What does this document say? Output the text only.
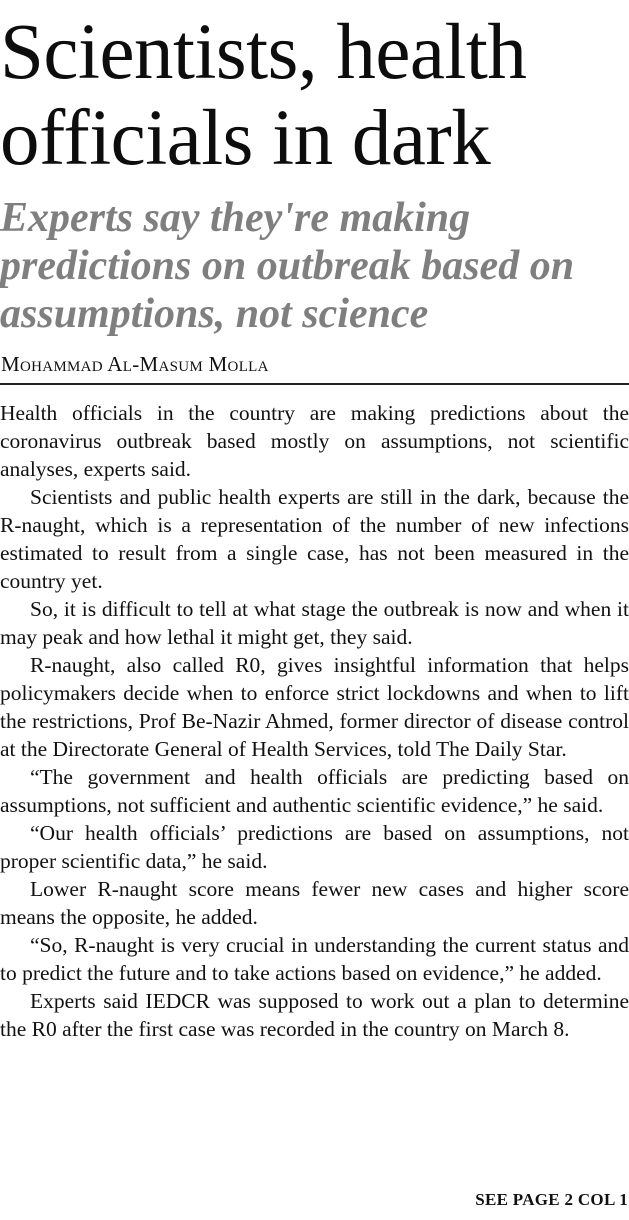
Scientists, health officials in dark
Experts say they're making predictions on outbreak based on assumptions, not science
Mohammad Al-Masum Molla

Health officials in the country are making predictions about the coronavirus outbreak based mostly on assumptions, not scientific analyses, experts said.

Scientists and public health experts are still in the dark, because the R-naught, which is a representation of the number of new infections estimated to result from a single case, has not been measured in the country yet.

So, it is difficult to tell at what stage the outbreak is now and when it may peak and how lethal it might get, they said.

R-naught, also called R0, gives insightful information that helps policymakers decide when to enforce strict lockdowns and when to lift the restrictions, Prof Be-Nazir Ahmed, former director of disease control at the Directorate General of Health Services, told The Daily Star.

“The government and health officials are predicting based on assumptions, not sufficient and authentic scientific evidence,” he said.

“Our health officials’ predictions are based on assumptions, not proper scientific data,” he said.

Lower R-naught score means fewer new cases and higher score means the opposite, he added.

“So, R-naught is very crucial in understanding the current status and to predict the future and to take actions based on evidence,” he added.

Experts said IEDCR was supposed to work out a plan to determine the R0 after the first case was recorded in the country on March 8.

SEE PAGE 2 COL 1
